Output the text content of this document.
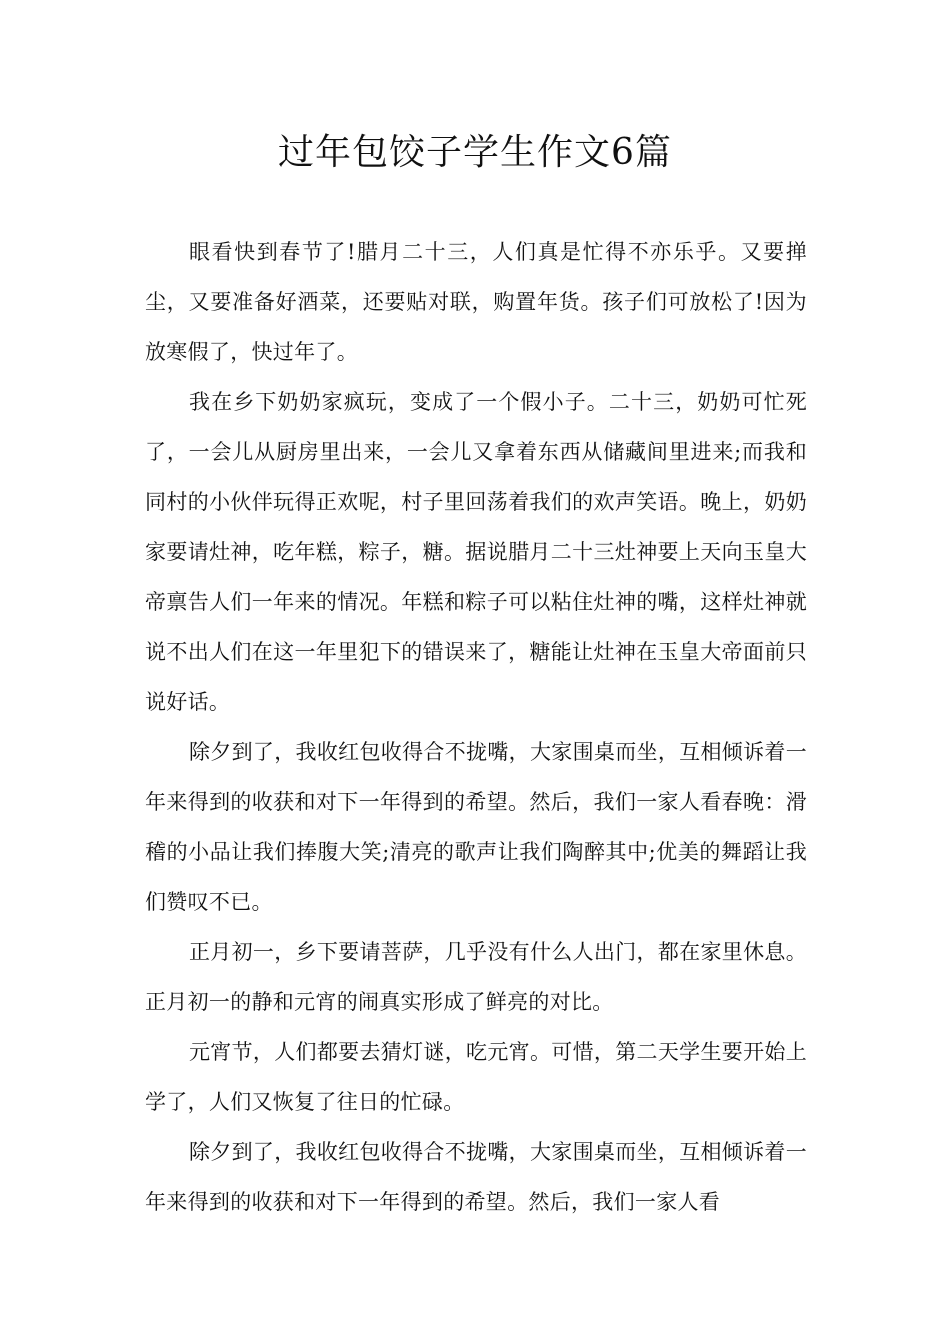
过年包饺子学生作文6篇

眼看快到春节了!腊月二十三，人们真是忙得不亦乐乎。又要掸尘，又要准备好酒菜，还要贴对联，购置年货。孩子们可放松了!因为放寒假了，快过年了。

我在乡下奶奶家疯玩，变成了一个假小子。二十三，奶奶可忙死了，一会儿从厨房里出来，一会儿又拿着东西从储藏间里进来;而我和同村的小伙伴玩得正欢呢，村子里回荡着我们的欢声笑语。晚上，奶奶家要请灶神，吃年糕，粽子，糖。据说腊月二十三灶神要上天向玉皇大帝禀告人们一年来的情况。年糕和粽子可以粘住灶神的嘴，这样灶神就说不出人们在这一年里犯下的错误来了，糖能让灶神在玉皇大帝面前只说好话。

除夕到了，我收红包收得合不拢嘴，大家围桌而坐，互相倾诉着一年来得到的收获和对下一年得到的希望。然后，我们一家人看春晚：滑稽的小品让我们捧腹大笑;清亮的歌声让我们陶醉其中;优美的舞蹈让我们赞叹不已。

正月初一，乡下要请菩萨，几乎没有什么人出门，都在家里休息。正月初一的静和元宵的闹真实形成了鲜亮的对比。

元宵节，人们都要去猜灯谜，吃元宵。可惜，第二天学生要开始上学了，人们又恢复了往日的忙碌。

除夕到了，我收红包收得合不拢嘴，大家围桌而坐，互相倾诉着一年来得到的收获和对下一年得到的希望。然后，我们一家人看
